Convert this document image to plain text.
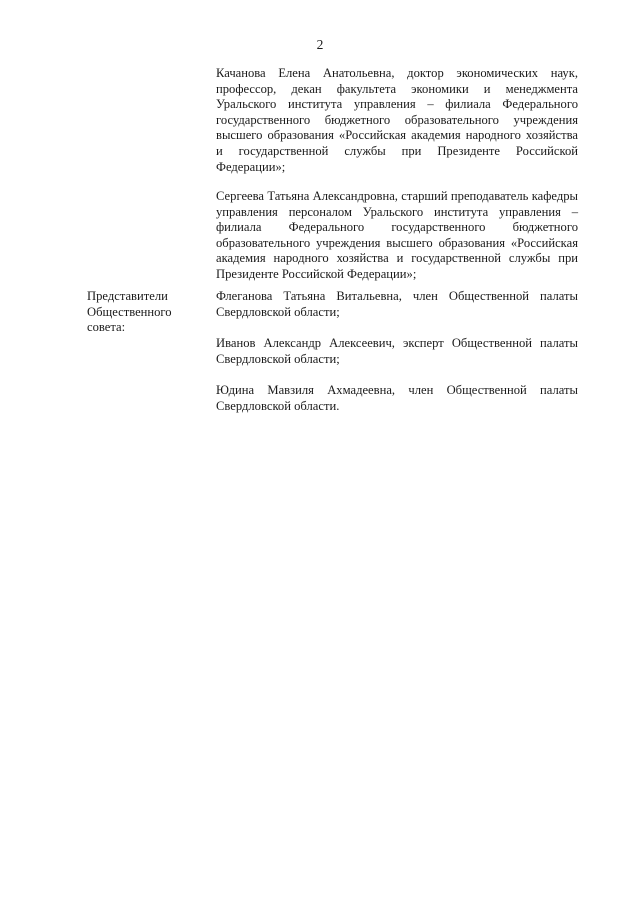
2

Качанова Елена Анатольевна, доктор экономических наук, профессор, декан факультета экономики и менеджмента Уральского института управления – филиала Федерального государственного бюджетного образовательного учреждения высшего образования «Российская академия народного хозяйства и государственной службы при Президенте Российской Федерации»;

Сергеева Татьяна Александровна, старший преподаватель кафедры управления персоналом Уральского института управления – филиала Федерального государственного бюджетного образовательного учреждения высшего образования «Российская академия народного хозяйства и государственной службы при Президенте Российской Федерации»;

Представители
Общественного
совета:

Флеганова Татьяна Витальевна, член Общественной палаты Свердловской области;

Иванов Александр Алексеевич, эксперт Общественной палаты Свердловской области;

Юдина Мавзиля Ахмадеевна, член Общественной палаты Свердловской области.
